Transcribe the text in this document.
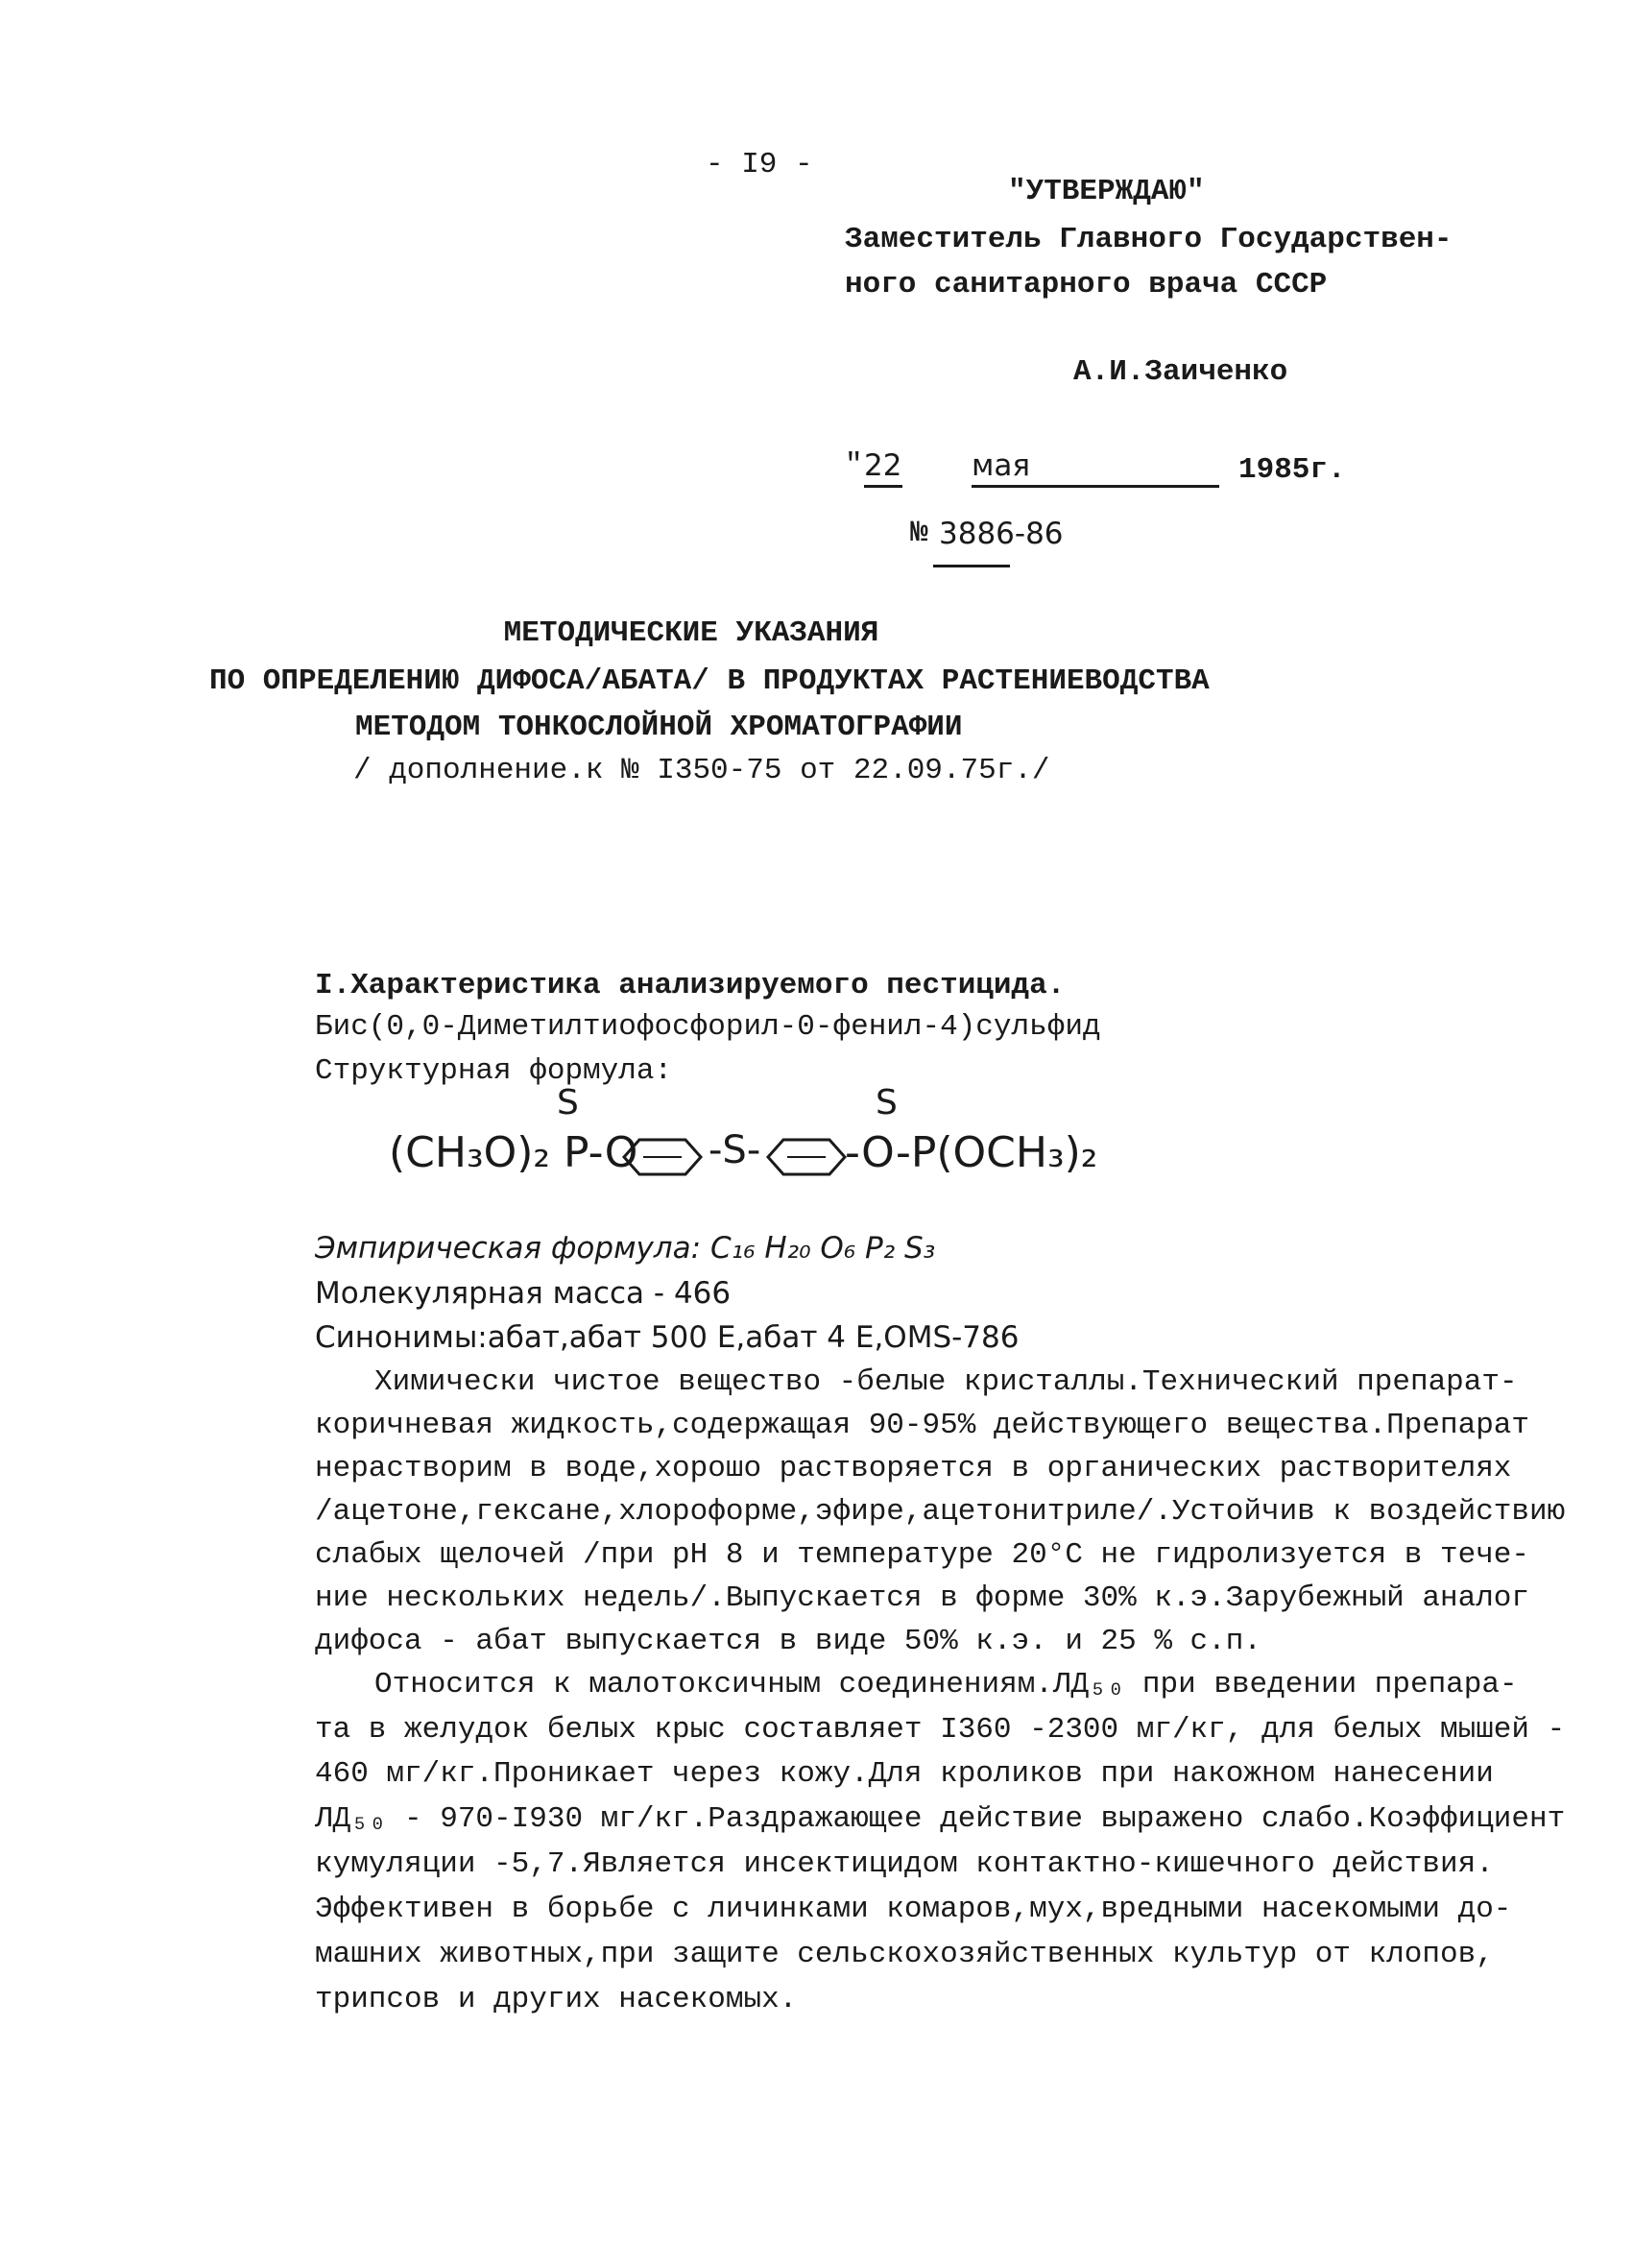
- I9 -
"УТВЕРЖДАЮ"
Заместитель Главного Государствен-
ного санитарного врача СССР
А.И.Заиченко
" 22 мая	1985г.
№ 3886-86
МЕТОДИЧЕСКИЕ УКАЗАНИЯ
ПО ОПРЕДЕЛЕНИЮ ДИФОСА/АБАТА/ В ПРОДУКТАХ РАСТЕНИЕВОДСТВА
МЕТОДОМ ТОНКОСЛОЙНОЙ ХРОМАТОГРАФИИ
/ дополнение.к № I350-75 от 22.09.75г./
I.Характеристика анализируемого пестицида.
Бис(0,0-Диметилтиофосфорил-0-фенил-4)сульфид
Структурная формула:
S	S
(CH₃O)₂ P-O -S- -O-P(OCH₃)₂
Эмпирическая формула: C₁₆ H₂₀ O₆ P₂ S₃
Молекулярная масса - 466
Синонимы:абат,абат 500 Е,абат 4 Е,ОМS-786
Химически чистое вещество -белые кристаллы.Технический препарат-
коричневая жидкость,содержащая 90-95% действующего вещества.Препарат
нерастворим в воде,хорошо растворяется в органических растворителях
/ацетоне,гексане,хлороформе,эфире,ацетонитриле/.Устойчив к воздействию
слабых щелочей /при рН 8 и температуре 20°С не гидролизуется в тече-
ние нескольких недель/.Выпускается в форме 30% к.э.Зарубежный аналог
дифоса - абат выпускается в виде 50% к.э. и 25 % с.п.
Относится к малотоксичным соединениям.ЛД₅₀ при введении препара-
та в желудок белых крыс составляет I360 -2300 мг/кг, для белых мышей -
460 мг/кг.Проникает через кожу.Для кроликов при накожном нанесении
ЛД₅₀ - 970-I930 мг/кг.Раздражающее действие выражено слабо.Коэффициент
кумуляции -5,7.Является инсектицидом контактно-кишечного действия.
Эффективен в борьбе с личинками комаров,мух,вредными насекомыми до-
машних животных,при защите сельскохозяйственных культур от клопов,
трипсов и других насекомых.
